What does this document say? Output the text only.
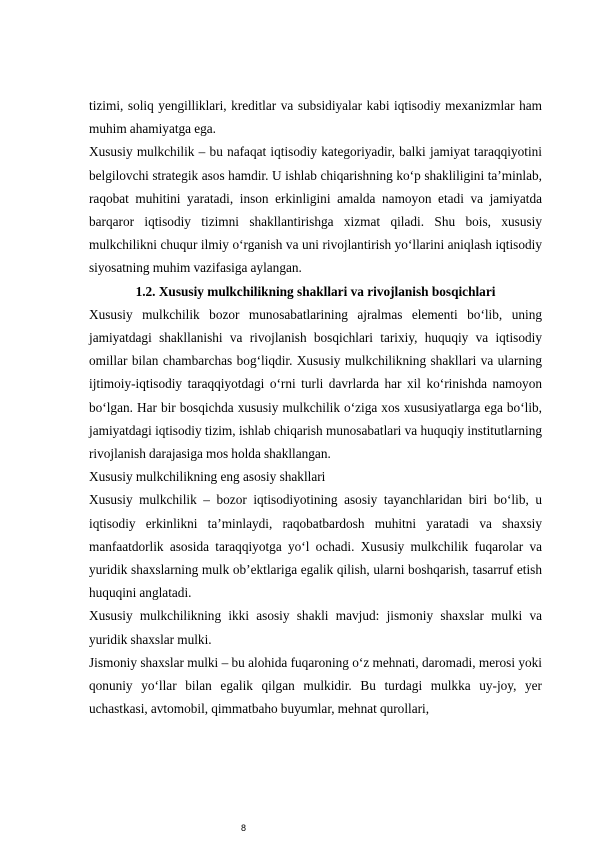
tizimi, soliq yengilliklari, kreditlar va subsidiyalar kabi iqtisodiy mexanizmlar ham muhim ahamiyatga ega.

Xususiy mulkchilik – bu nafaqat iqtisodiy kategoriyadir, balki jamiyat taraqqiyotini belgilovchi strategik asos hamdir. U ishlab chiqarishning ko‘p shakliligini ta’minlab, raqobat muhitini yaratadi, inson erkinligini amalda namoyon etadi va jamiyatda barqaror iqtisodiy tizimni shakllantirishga xizmat qiladi. Shu bois, xususiy mulkchilikni chuqur ilmiy o‘rganish va uni rivojlantirish yo‘llarini aniqlash iqtisodiy siyosatning muhim vazifasiga aylangan.

1.2. Xususiy mulkchilikning shakllari va rivojlanish bosqichlari

Xususiy mulkchilik bozor munosabatlarining ajralmas elementi bo‘lib, uning jamiyatdagi shakllanishi va rivojlanish bosqichlari tarixiy, huquqiy va iqtisodiy omillar bilan chambarchas bog‘liqdir. Xususiy mulkchilikning shakllari va ularning ijtimoiy-iqtisodiy taraqqiyotdagi o‘rni turli davrlarda har xil ko‘rinishda namoyon bo‘lgan. Har bir bosqichda xususiy mulkchilik o‘ziga xos xususiyatlarga ega bo‘lib, jamiyatdagi iqtisodiy tizim, ishlab chiqarish munosabatlari va huquqiy institutlarning rivojlanish darajasiga mos holda shakllangan.

Xususiy mulkchilikning eng asosiy shakllari

Xususiy mulkchilik – bozor iqtisodiyotining asosiy tayanchlaridan biri bo‘lib, u iqtisodiy erkinlikni ta’minlaydi, raqobatbardosh muhitni yaratadi va shaxsiy manfaatdorlik asosida taraqqiyotga yo‘l ochadi. Xususiy mulkchilik fuqarolar va yuridik shaxslarning mulk ob’ektlariga egalik qilish, ularni boshqarish, tasarruf etish huquqini anglatadi.

Xususiy mulkchilikning ikki asosiy shakli mavjud: jismoniy shaxslar mulki va yuridik shaxslar mulki.

Jismoniy shaxslar mulki – bu alohida fuqaroning o‘z mehnati, daromadi, merosi yoki qonuniy yo‘llar bilan egalik qilgan mulkidir. Bu turdagi mulkka uy-joy, yer uchastkasi, avtomobil, qimmatbaho buyumlar, mehnat qurollari,

8
